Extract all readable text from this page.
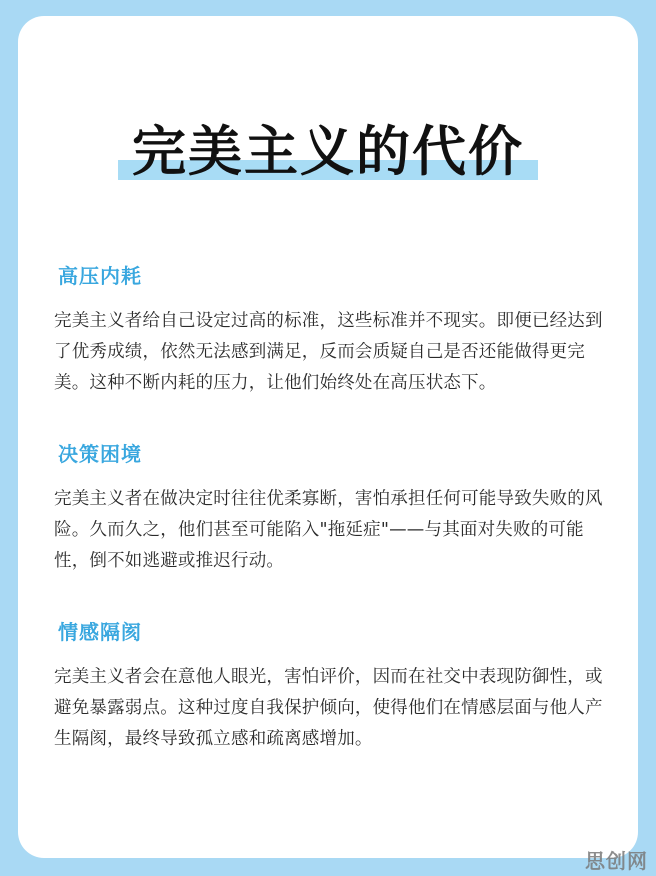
完美主义的代价
高压内耗

完美主义者给自己设定过高的标准，这些标准并不现实。即便已经达到了优秀成绩，依然无法感到满足，反而会质疑自己是否还能做得更完美。这种不断内耗的压力，让他们始终处在高压状态下。

决策困境

完美主义者在做决定时往往优柔寡断，害怕承担任何可能导致失败的风险。久而久之，他们甚至可能陷入"拖延症"——与其面对失败的可能性，倒不如逃避或推迟行动。

情感隔阂

完美主义者会在意他人眼光，害怕评价，因而在社交中表现防御性，或避免暴露弱点。这种过度自我保护倾向，使得他们在情感层面与他人产生隔阂，最终导致孤立感和疏离感增加。

思创网
